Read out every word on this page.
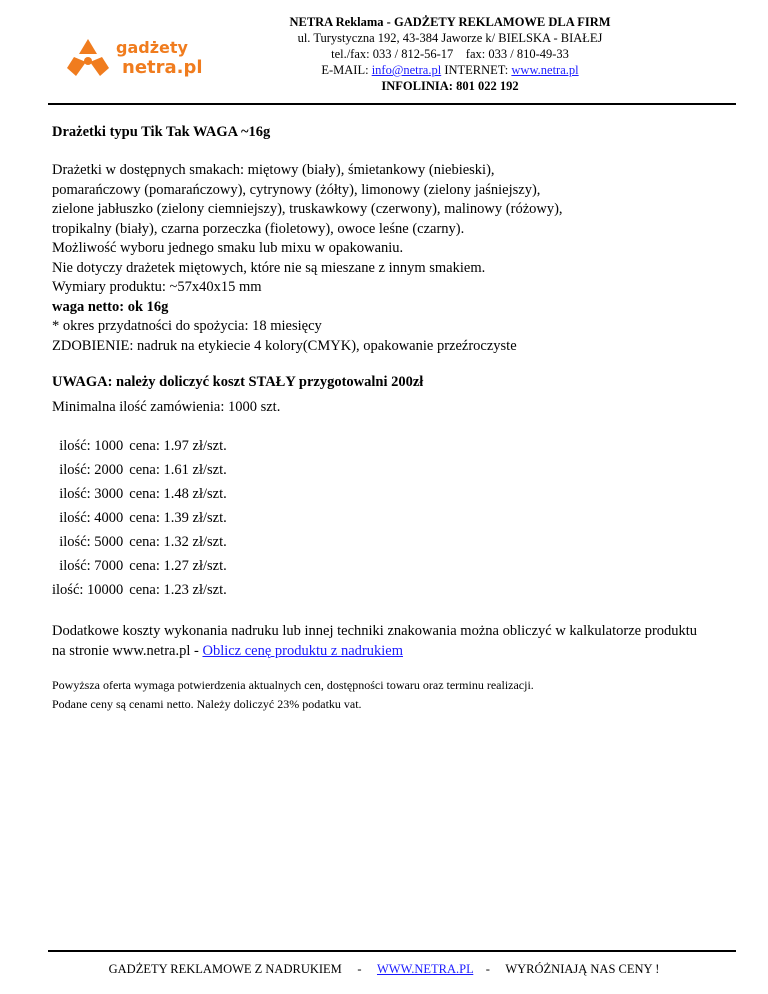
gadżety
netra.pl
NETRA Reklama - GADŻETY REKLAMOWE DLA FIRM
ul. Turystyczna 192, 43-384 Jaworze k/ BIELSKA - BIAŁEJ
tel./fax: 033 / 812-56-17    fax: 033 / 810-49-33
E-MAIL: info@netra.pl INTERNET: www.netra.pl
INFOLINIA: 801 022 192
Drażetki typu Tik Tak WAGA ~16g
Drażetki w dostępnych smakach: miętowy (biały), śmietankowy (niebieski),
pomarańczowy (pomarańczowy), cytrynowy (żółty), limonowy (zielony jaśniejszy),
zielone jabłuszko (zielony ciemniejszy), truskawkowy (czerwony), malinowy (różowy),
tropikalny (biały), czarna porzeczka (fioletowy), owoce leśne (czarny).
Możliwość wyboru jednego smaku lub mixu w opakowaniu.
Nie dotyczy drażetek miętowych, które nie są mieszane z innym smakiem.
Wymiary produktu: ~57x40x15 mm
waga netto: ok 16g
* okres przydatności do spożycia: 18 miesięcy
ZDOBIENIE: nadruk na etykiecie 4 kolory(CMYK), opakowanie przeźroczyste
UWAGA: należy doliczyć koszt STAŁY przygotowalni 200zł
Minimalna ilość zamówienia: 1000 szt.
ilość: 1000	cena: 1.97 zł/szt.
ilość: 2000	cena: 1.61 zł/szt.
ilość: 3000	cena: 1.48 zł/szt.
ilość: 4000	cena: 1.39 zł/szt.
ilość: 5000	cena: 1.32 zł/szt.
ilość: 7000	cena: 1.27 zł/szt.
ilość: 10000	cena: 1.23 zł/szt.
Dodatkowe koszty wykonania nadruku lub innej techniki znakowania można obliczyć w kalkulatorze produktu
na stronie www.netra.pl - Oblicz cenę produktu z nadrukiem
Powyższa oferta wymaga potwierdzenia aktualnych cen, dostępności towaru oraz terminu realizacji.
Podane ceny są cenami netto. Należy doliczyć 23% podatku vat.
GADŻETY REKLAMOWE Z NADRUKIEM     -     WWW.NETRA.PL    -     WYRÓŻNIAJĄ NAS CENY !
